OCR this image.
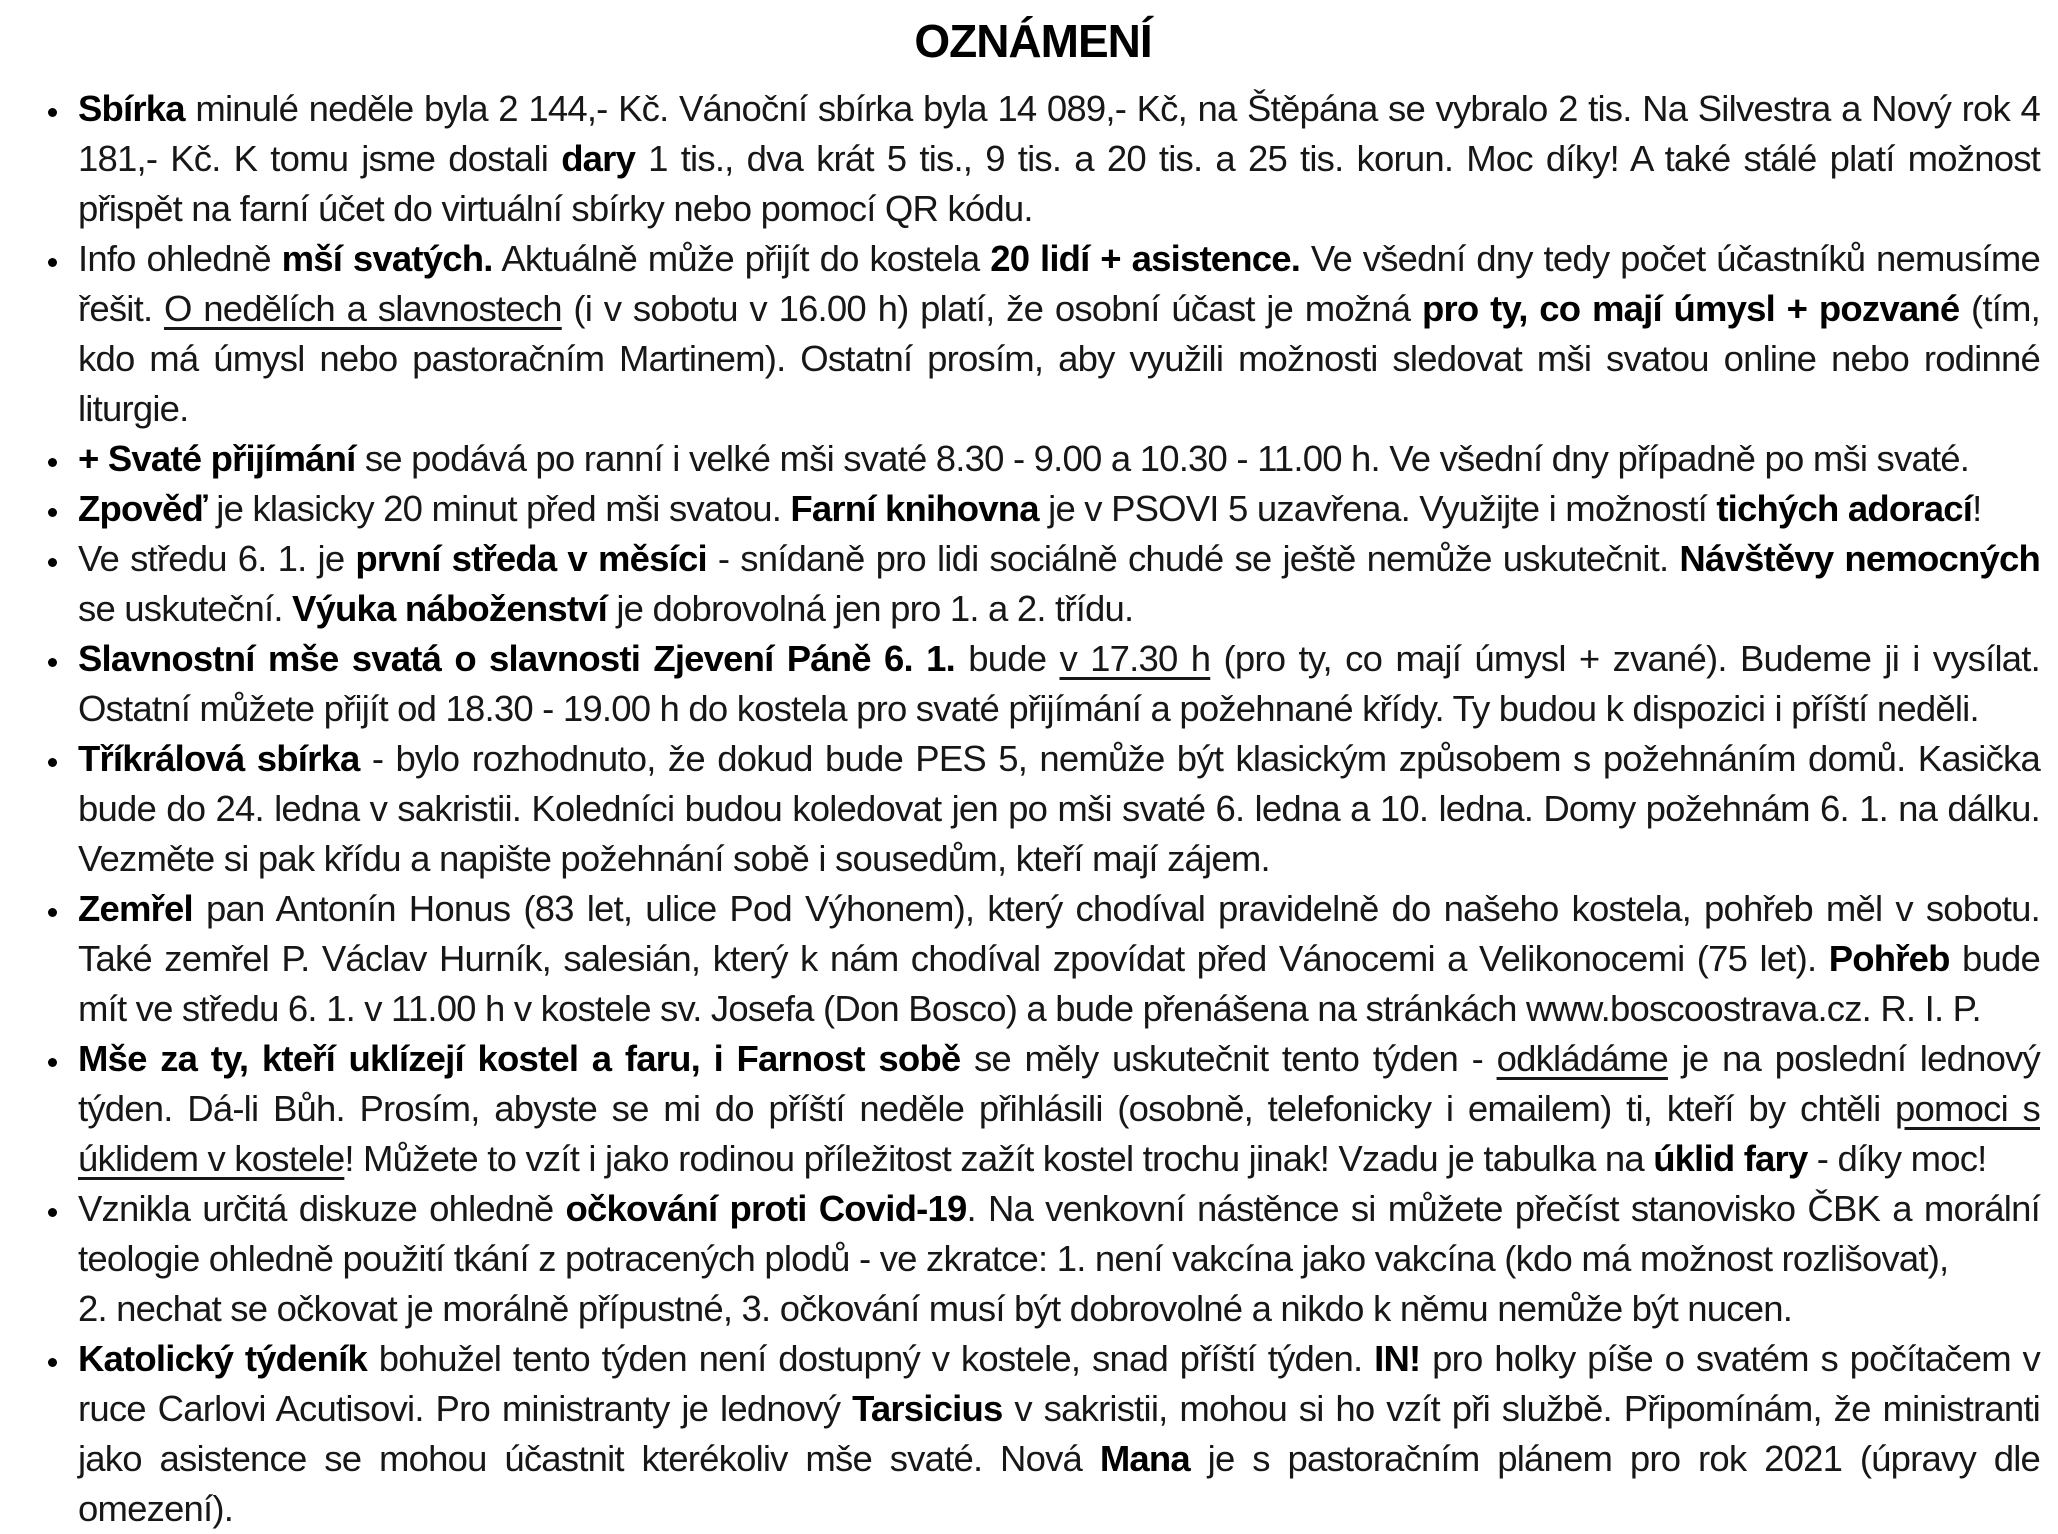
OZNÁMENÍ
• Sbírka minulé neděle byla 2 144,- Kč. Vánoční sbírka byla 14 089,- Kč, na Štěpána se vybralo 2 tis. Na Silvestra a Nový rok 4 181,- Kč. K tomu jsme dostali dary 1 tis., dva krát 5 tis., 9 tis. a 20 tis. a 25 tis. korun. Moc díky! A také stálé platí možnost přispět na farní účet do virtuální sbírky nebo pomocí QR kódu.
• Info ohledně mší svatých. Aktuálně může přijít do kostela 20 lidí + asistence. Ve všední dny tedy počet účastníků nemusíme řešit. O nedělích a slavnostech (i v sobotu v 16.00 h) platí, že osobní účast je možná pro ty, co mají úmysl + pozvané (tím, kdo má úmysl nebo pastoračním Martinem). Ostatní prosím, aby využili možnosti sledovat mši svatou online nebo rodinné liturgie.
• + Svaté přijímání se podává po ranní i velké mši svaté 8.30 - 9.00 a 10.30 - 11.00 h. Ve všední dny případně po mši svaté.
• Zpověď je klasicky 20 minut před mši svatou. Farní knihovna je v PSOVI 5 uzavřena. Využijte i možností tichých adorací!
• Ve středu 6. 1. je první středa v měsíci - snídaně pro lidi sociálně chudé se ještě nemůže uskutečnit. Návštěvy nemocných se uskuteční. Výuka náboženství je dobrovolná jen pro 1. a 2. třídu.
• Slavnostní mše svatá o slavnosti Zjevení Páně 6. 1. bude v 17.30 h (pro ty, co mají úmysl + zvané). Budeme ji i vysílat. Ostatní můžete přijít od 18.30 - 19.00 h do kostela pro svaté přijímání a požehnané křídy. Ty budou k dispozici i příští neděli.
• Tříkrálová sbírka - bylo rozhodnuto, že dokud bude PES 5, nemůže být klasickým způsobem s požehnáním domů. Kasička bude do 24. ledna v sakristii. Koledníci budou koledovat jen po mši svaté 6. ledna a 10. ledna. Domy požehnám 6. 1. na dálku. Vezměte si pak křídu a napište požehnání sobě i sousedům, kteří mají zájem.
• Zemřel pan Antonín Honus (83 let, ulice Pod Výhonem), který chodíval pravidelně do našeho kostela, pohřeb měl v sobotu. Také zemřel P. Václav Hurník, salesián, který k nám chodíval zpovídat před Vánocemi a Velikonocemi (75 let). Pohřeb bude mít ve středu 6. 1. v 11.00 h v kostele sv. Josefa (Don Bosco) a bude přenášena na stránkách www.boscoostrava.cz. R. I. P.
• Mše za ty, kteří uklízejí kostel a faru, i Farnost sobě se měly uskutečnit tento týden - odkládáme je na poslední lednový týden. Dá-li Bůh. Prosím, abyste se mi do příští neděle přihlásili (osobně, telefonicky i emailem) ti, kteří by chtěli pomoci s úklidem v kostele! Můžete to vzít i jako rodinou příležitost zažít kostel trochu jinak! Vzadu je tabulka na úklid fary - díky moc!
• Vznikla určitá diskuze ohledně očkování proti Covid-19. Na venkovní nástěnce si můžete přečíst stanovisko ČBK a morální teologie ohledně použití tkání z potracených plodů - ve zkratce: 1. není vakcína jako vakcína (kdo má možnost rozlišovat),
2. nechat se očkovat je morálně přípustné, 3. očkování musí být dobrovolné a nikdo k němu nemůže být nucen.
• Katolický týdeník bohužel tento týden není dostupný v kostele, snad příští týden. IN! pro holky píše o svatém s počítačem v ruce Carlovi Acutisovi. Pro ministranty je lednový Tarsicius v sakristii, mohou si ho vzít při službě. Připomínám, že ministranti jako asistence se mohou účastnit kterékoliv mše svaté. Nová Mana je s pastoračním plánem pro rok 2021 (úpravy dle omezení).
